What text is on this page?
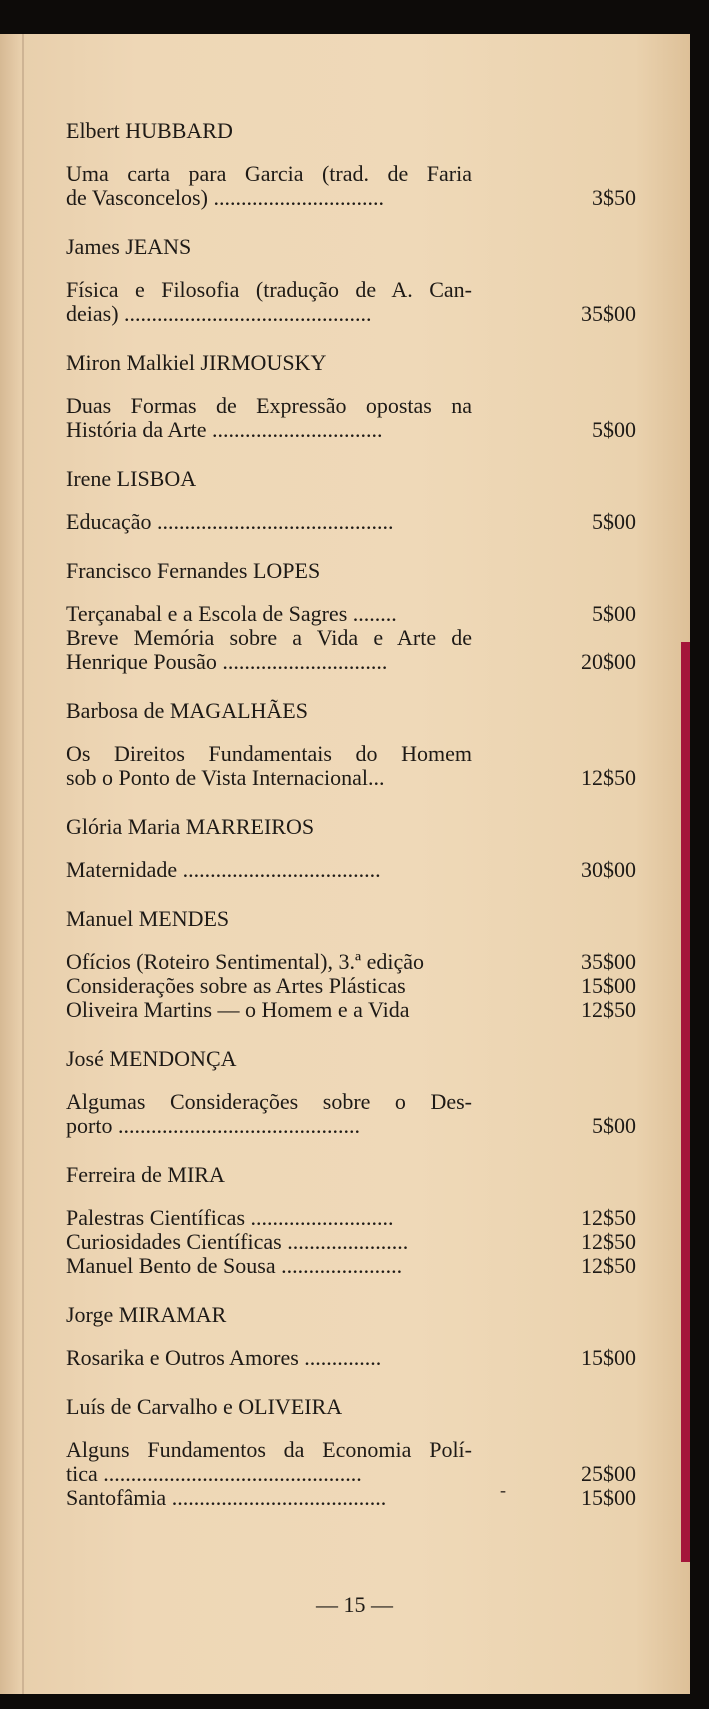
-
Elbert HUBBARD
Uma carta para Garcia (trad. de Faria
de Vasconcelos) ...............................	3$50
James JEANS
Física e Filosofia (tradução de A. Can-
deias) .............................................	35$00
Miron Malkiel JIRMOUSKY
Duas Formas de Expressão opostas na
História da Arte ...............................	5$00
Irene LISBOA
Educação ...........................................	5$00
Francisco Fernandes LOPES
Terçanabal e a Escola de Sagres ........	5$00
Breve Memória sobre a Vida e Arte de
Henrique Pousão ..............................	20$00
Barbosa de MAGALHÃES
Os Direitos Fundamentais do Homem
sob o Ponto de Vista Internacional...	12$50
Glória Maria MARREIROS
Maternidade ....................................	30$00
Manuel MENDES
Ofícios (Roteiro Sentimental), 3.ª edição	35$00
Considerações sobre as Artes Plásticas	15$00
Oliveira Martins — o Homem e a Vida	12$50
José MENDONÇA
Algumas Considerações sobre o Des-
porto ............................................	5$00
Ferreira de MIRA
Palestras Científicas ..........................	12$50
Curiosidades Científicas ......................	12$50
Manuel Bento de Sousa ......................	12$50
Jorge MIRAMAR
Rosarika e Outros Amores ..............	15$00
Luís de Carvalho e OLIVEIRA
Alguns Fundamentos da Economia Polí-
tica ...............................................	25$00
Santofâmia .......................................	15$00
— 15 —
